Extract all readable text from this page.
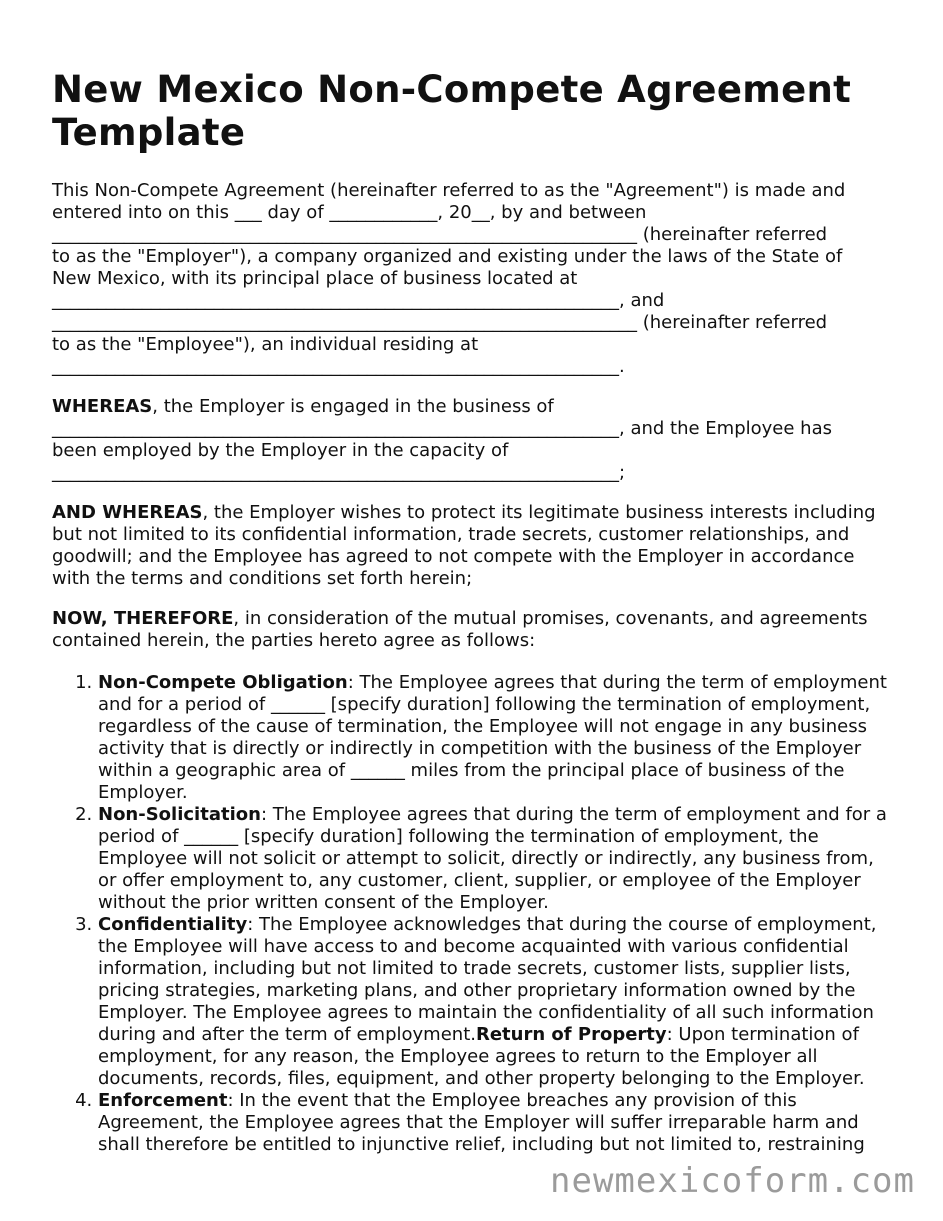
New Mexico Non-Compete Agreement Template

This Non-Compete Agreement (hereinafter referred to as the "Agreement") is made and
entered into on this ___ day of ____________, 20__, by and between
_________________________________________________________________ (hereinafter referred
to as the "Employer"), a company organized and existing under the laws of the State of
New Mexico, with its principal place of business located at
_______________________________________________________________, and
_________________________________________________________________ (hereinafter referred
to as the "Employee"), an individual residing at
_______________________________________________________________.

WHEREAS, the Employer is engaged in the business of
_______________________________________________________________, and the Employee has
been employed by the Employer in the capacity of
_______________________________________________________________;

AND WHEREAS, the Employer wishes to protect its legitimate business interests including but not limited to its confidential information, trade secrets, customer relationships, and goodwill; and the Employee has agreed to not compete with the Employer in accordance with the terms and conditions set forth herein;

NOW, THEREFORE, in consideration of the mutual promises, covenants, and agreements contained herein, the parties hereto agree as follows:

1. Non-Compete Obligation: The Employee agrees that during the term of employment and for a period of ______ [specify duration] following the termination of employment, regardless of the cause of termination, the Employee will not engage in any business activity that is directly or indirectly in competition with the business of the Employer within a geographic area of ______ miles from the principal place of business of the Employer.
2. Non-Solicitation: The Employee agrees that during the term of employment and for a period of ______ [specify duration] following the termination of employment, the Employee will not solicit or attempt to solicit, directly or indirectly, any business from, or offer employment to, any customer, client, supplier, or employee of the Employer without the prior written consent of the Employer.
3. Confidentiality: The Employee acknowledges that during the course of employment, the Employee will have access to and become acquainted with various confidential information, including but not limited to trade secrets, customer lists, supplier lists, pricing strategies, marketing plans, and other proprietary information owned by the Employer. The Employee agrees to maintain the confidentiality of all such information during and after the term of employment.Return of Property: Upon termination of employment, for any reason, the Employee agrees to return to the Employer all documents, records, files, equipment, and other property belonging to the Employer.
4. Enforcement: In the event that the Employee breaches any provision of this Agreement, the Employee agrees that the Employer will suffer irreparable harm and shall therefore be entitled to injunctive relief, including but not limited to, restraining
newmexicoform.com
